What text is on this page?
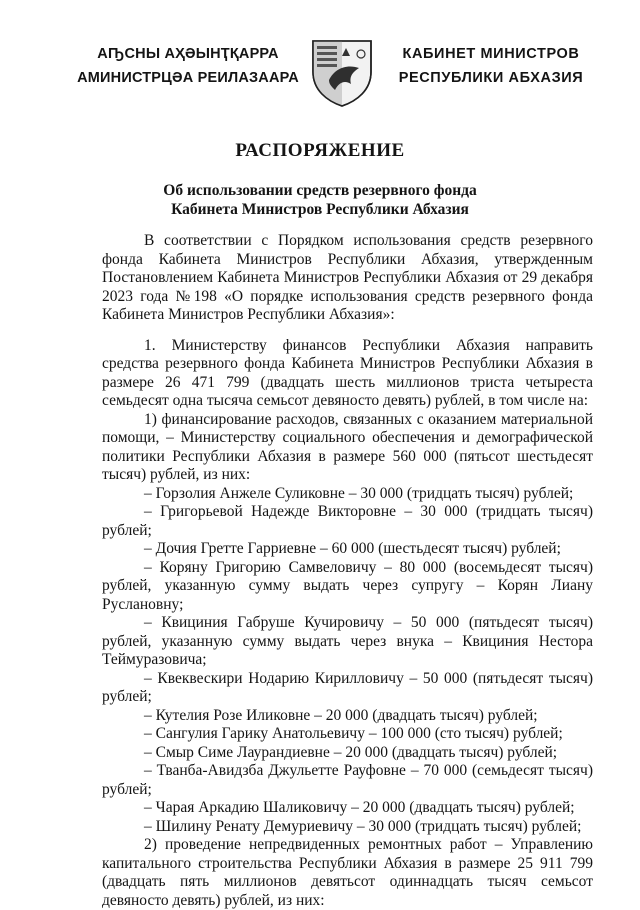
АҦСНЫ АҲƏЫНҬҚАРРА
АМИНИСТРЦƏА РЕИЛАЗААРА
КАБИНЕТ МИНИСТРОВ
РЕСПУБЛИКИ АБХАЗИЯ
РАСПОРЯЖЕНИЕ
Об использовании средств резервного фонда
Кабинета Министров Республики Абхазия

В соответствии с Порядком использования средств резервного фонда Кабинета Министров Республики Абхазия, утвержденным Постановлением Кабинета Министров Республики Абхазия от 29 декабря 2023 года №198 «О порядке использования средств резервного фонда Кабинета Министров Республики Абхазия»:

1. Министерству финансов Республики Абхазия направить средства резервного фонда Кабинета Министров Республики Абхазия в размере 26 471 799 (двадцать шесть миллионов триста четыреста семьдесят одна тысяча семьсот девяносто девять) рублей, в том числе на:

1) финансирование расходов, связанных с оказанием материальной помощи, – Министерству социального обеспечения и демографической политики Республики Абхазия в размере 560 000 (пятьсот шестьдесят тысяч) рублей, из них:

– Горзолия Анжеле Суликовне – 30 000 (тридцать тысяч) рублей;

– Григорьевой Надежде Викторовне – 30 000 (тридцать тысяч) рублей;

– Дочия Гретте Гарриевне – 60 000 (шестьдесят тысяч) рублей;

– Коряну Григорию Самвеловичу – 80 000 (восемьдесят тысяч) рублей, указанную сумму выдать через супругу – Корян Лиану Руслановну;

– Квициния Габруше Кучировичу – 50 000 (пятьдесят тысяч) рублей, указанную сумму выдать через внука – Квициния Нестора Теймуразовича;

– Квеквескири Нодарию Кирилловичу – 50 000 (пятьдесят тысяч) рублей;

– Кутелия Розе Иликовне – 20 000 (двадцать тысяч) рублей;

– Сангулия Гарику Анатольевичу – 100 000 (сто тысяч) рублей;

– Смыр Симе Лаурандиевне – 20 000 (двадцать тысяч) рублей;

– Тванба-Авидзба Джульетте Рауфовне – 70 000 (семьдесят тысяч) рублей;

– Чарая Аркадию Шаликовичу – 20 000 (двадцать тысяч) рублей;

– Шилину Ренату Демуриевичу – 30 000 (тридцать тысяч) рублей;

2) проведение непредвиденных ремонтных работ – Управлению капитального строительства Республики Абхазия в размере 25 911 799 (двадцать пять миллионов девятьсот одиннадцать тысяч семьсот девяносто девять) рублей, из них:
